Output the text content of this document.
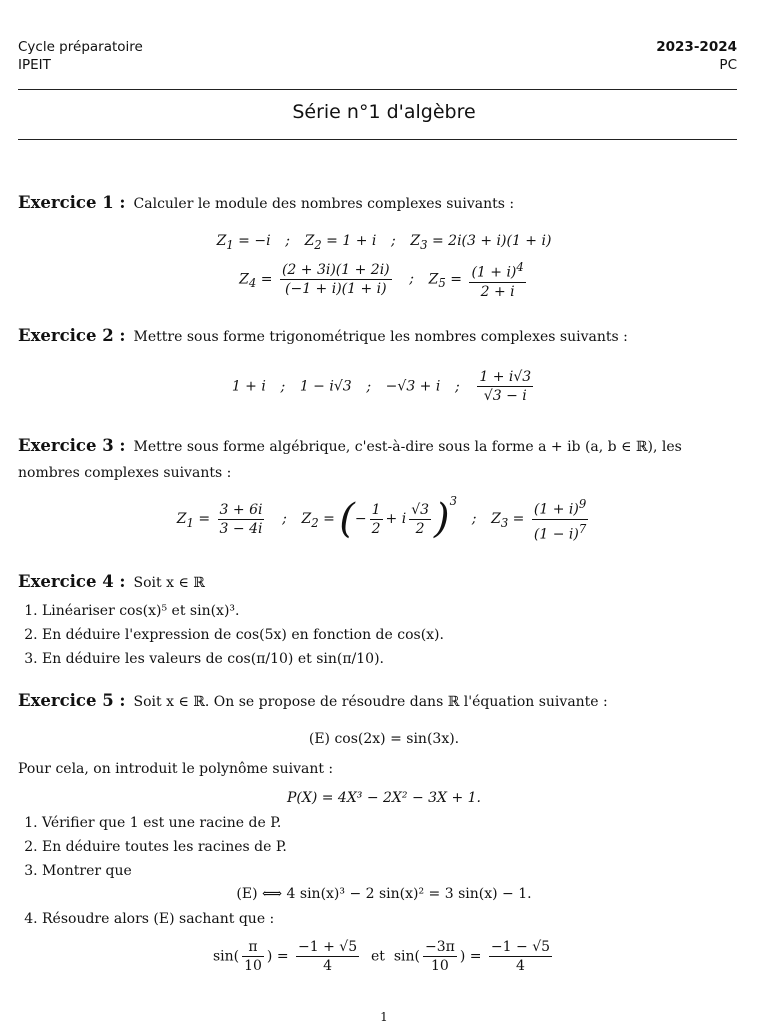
Cycle préparatoire
IPEIT
2023-2024
PC
Série n°1 d'algèbre
Exercice 1 : Calculer le module des nombres complexes suivants :
$Z_1 = -i$ ; $Z_2 = 1 + i$ ; $Z_3 = 2i(3 + i)(1 + i)$
$Z_4 = \frac{(2 + 3i)(1 + 2i)}{(-1 + i)(1 + i)}$ ; $Z_5 = \frac{(1 + i)^4}{2 + i}$
Exercice 2 : Mettre sous forme trigonométrique les nombres complexes suivants :
1 + i ; 1 − i√3 ; −√3 + i ; $\frac{1 + i√3}{√3 - i}$
Exercice 3 : Mettre sous forme algébrique, c'est-à-dire sous la forme a + ib (a, b ∈ ℝ), les nombres complexes suivants :
$Z_1 = \frac{3 + 6i}{3 - 4i}$ ; $Z_2$ = (− $\frac{1}{2} + i \frac{√3}{2} )^3$; $Z_3 = \frac{(1 + i)^9}{(1 - i)^7}$
Exercice 4 : Soit x ∈ ℝ
1. Linéariser cos(x)⁵ et sin(x)³.
2. En déduire l'expression de cos(5x) en fonction de cos(x).
3. En déduire les valeurs de cos(π/10) et sin(π/10).
Exercice 5 : Soit x ∈ ℝ. On se propose de résoudre dans ℝ l'équation suivante :
(E) cos(2x) = sin(3x).
Pour cela, on introduit le polynôme suivant :
P(X) = 4X³ − 2X² − 3X + 1.
1. Vérifier que 1 est une racine de P.
2. En déduire toutes les racines de P.
3. Montrer que
4. Résoudre alors (E) sachant que :
(E) ⟺ 4 sin(x)³ − 2 sin(x)² = 3 sin(x) − 1.
$\sin( \frac{\pi}{10}$ ) = $\frac{-1 + √5}{4}$ et  $\sin( \frac{-3\pi}{10}$ ) = $\frac{-1 - √5}{4}$
1
